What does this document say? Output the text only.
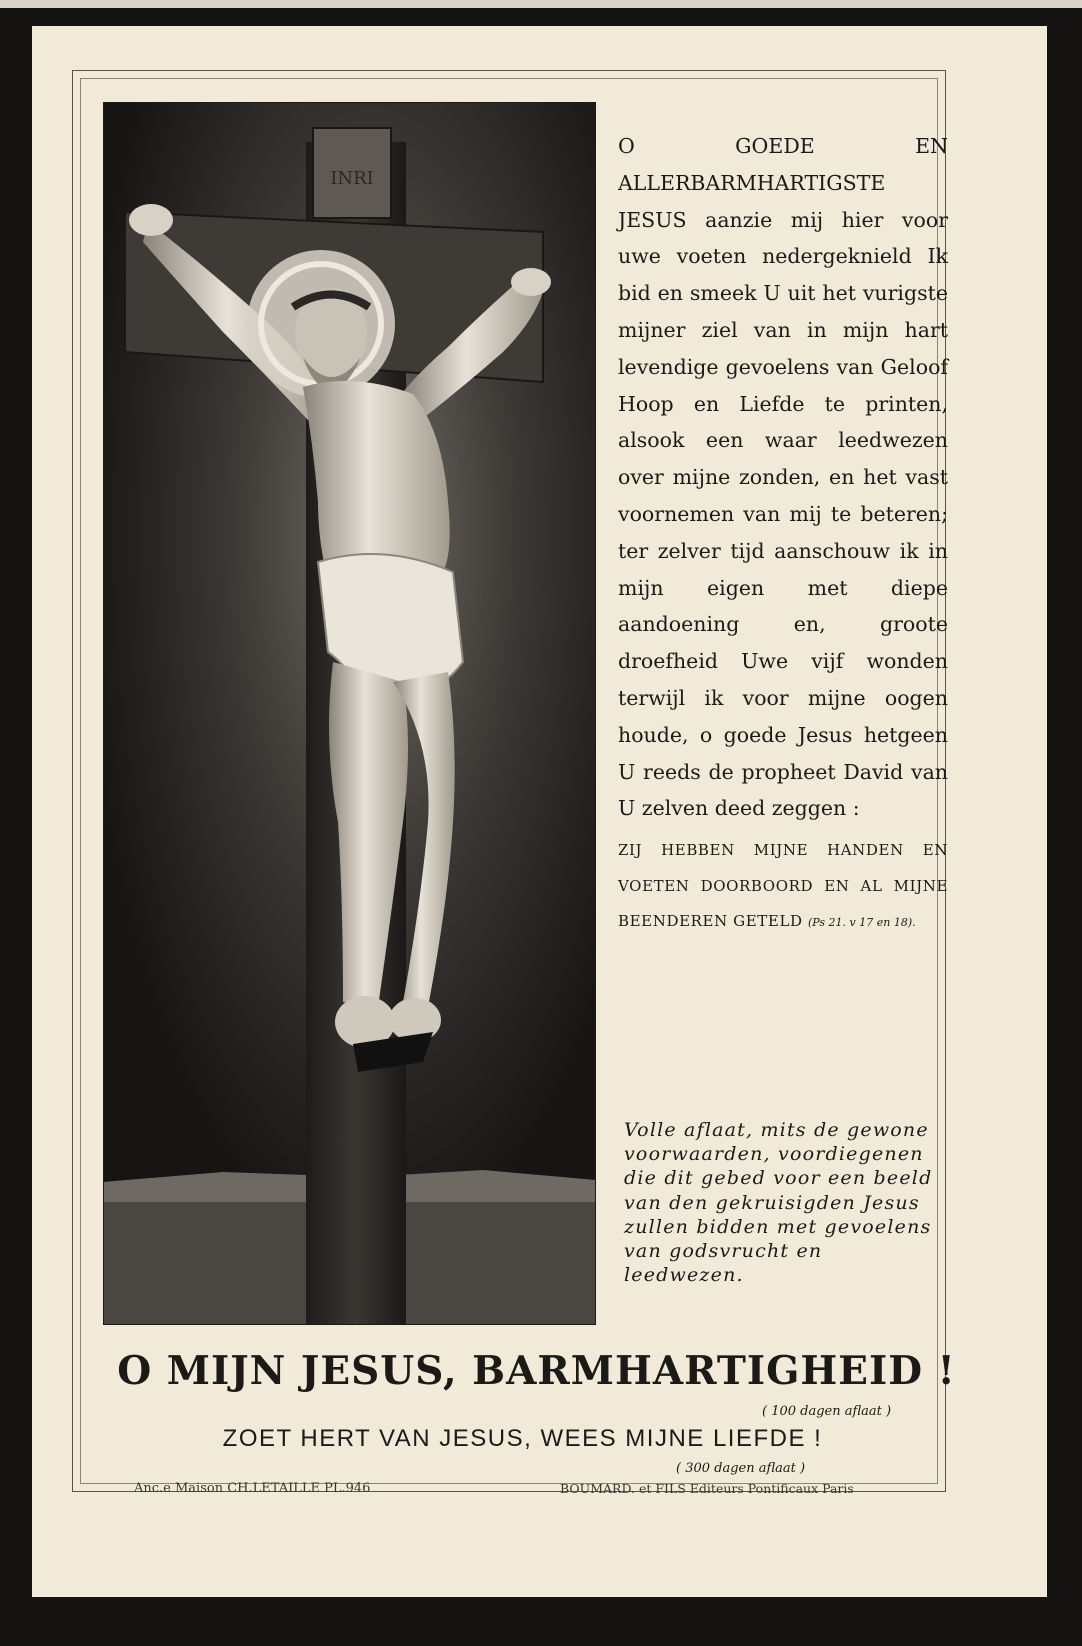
INRI

O GOEDE EN ALLERBARMHARTIGSTE JESUS aanzie mij hier voor uwe voeten nedergeknield Ik bid en smeek U uit het vurigste mijner ziel van in mijn hart levendige gevoelens van Geloof Hoop en Liefde te printen, alsook een waar leedwezen over mijne zonden, en het vast voornemen van mij te beteren; ter zelver tijd aanschouw ik in mijn eigen met diepe aandoening en, groote droefheid Uwe vijf wonden terwijl ik voor mijne oogen houde, o goede Jesus hetgeen U reeds de propheet David van U zelven deed zeggen :

ZIJ HEBBEN MIJNE HANDEN EN VOETEN DOORBOORD EN AL MIJNE BEENDEREN GETELD (Ps 21. v 17 en 18).

Volle aflaat, mits de gewone voorwaarden, voordiegenen die dit gebed voor een beeld van den gekruisigden Jesus zullen bidden met gevoelens van godsvrucht en leedwezen.

O MIJN JESUS, BARMHARTIGHEID !
( 100 dagen aflaat )
ZOET HERT VAN JESUS, WEES MIJNE LIEFDE !
( 300 dagen aflaat )
Anc.e Maison CH.LETAILLE PL.946	BOUMARD. et FILS Editeurs Pontificaux Paris
